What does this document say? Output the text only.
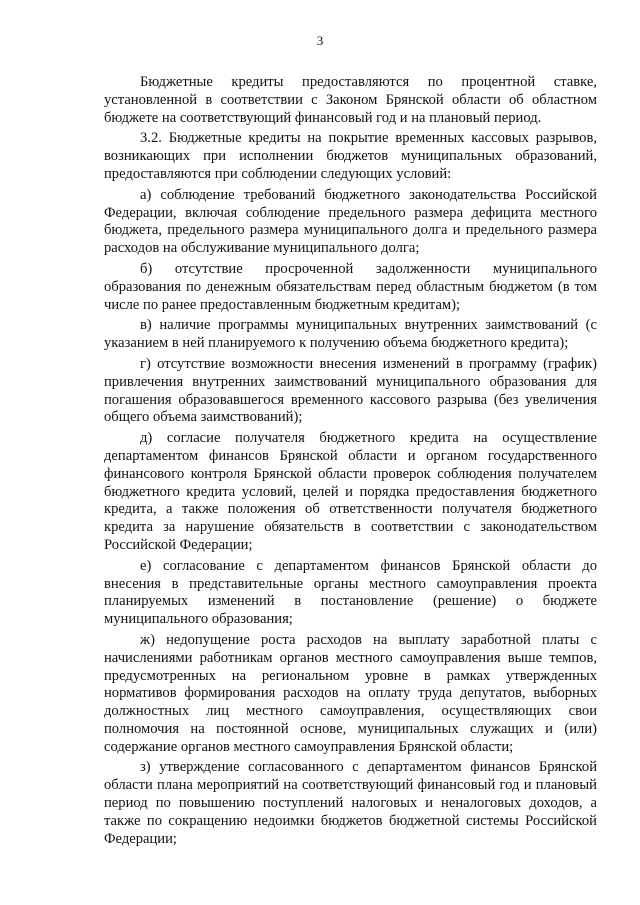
3

Бюджетные кредиты предоставляются по процентной ставке, установленной в соответствии с Законом Брянской области об областном бюджете на соответствующий финансовый год и на плановый период.

3.2. Бюджетные кредиты на покрытие временных кассовых разрывов, возникающих при исполнении бюджетов муниципальных образований, предоставляются при соблюдении следующих условий:

а) соблюдение требований бюджетного законодательства Российской Федерации, включая соблюдение предельного размера дефицита местного бюджета, предельного размера муниципального долга и предельного размера расходов на обслуживание муниципального долга;

б) отсутствие просроченной задолженности муниципального образования по денежным обязательствам перед областным бюджетом (в том числе по ранее предоставленным бюджетным кредитам);

в) наличие программы муниципальных внутренних заимствований (с указанием в ней планируемого к получению объема бюджетного кредита);

г) отсутствие возможности внесения изменений в программу (график) привлечения внутренних заимствований муниципального образования для погашения образовавшегося временного кассового разрыва (без увеличения общего объема заимствований);

д) согласие получателя бюджетного кредита на осуществление департаментом финансов Брянской области и органом государственного финансового контроля Брянской области проверок соблюдения получателем бюджетного кредита условий, целей и порядка предоставления бюджетного кредита, а также положения об ответственности получателя бюджетного кредита за нарушение обязательств в соответствии с законодательством Российской Федерации;

е) согласование с департаментом финансов Брянской области до внесения в представительные органы местного самоуправления проекта планируемых изменений в постановление (решение) о бюджете муниципального образования;

ж) недопущение роста расходов на выплату заработной платы с начислениями работникам органов местного самоуправления выше темпов, предусмотренных на региональном уровне в рамках утвержденных нормативов формирования расходов на оплату труда депутатов, выборных должностных лиц местного самоуправления, осуществляющих свои полномочия на постоянной основе, муниципальных служащих и (или) содержание органов местного самоуправления Брянской области;

з) утверждение согласованного с департаментом финансов Брянской области плана мероприятий на соответствующий финансовый год и плановый период по повышению поступлений налоговых и неналоговых доходов, а также по сокращению недоимки бюджетов бюджетной системы Российской Федерации;
